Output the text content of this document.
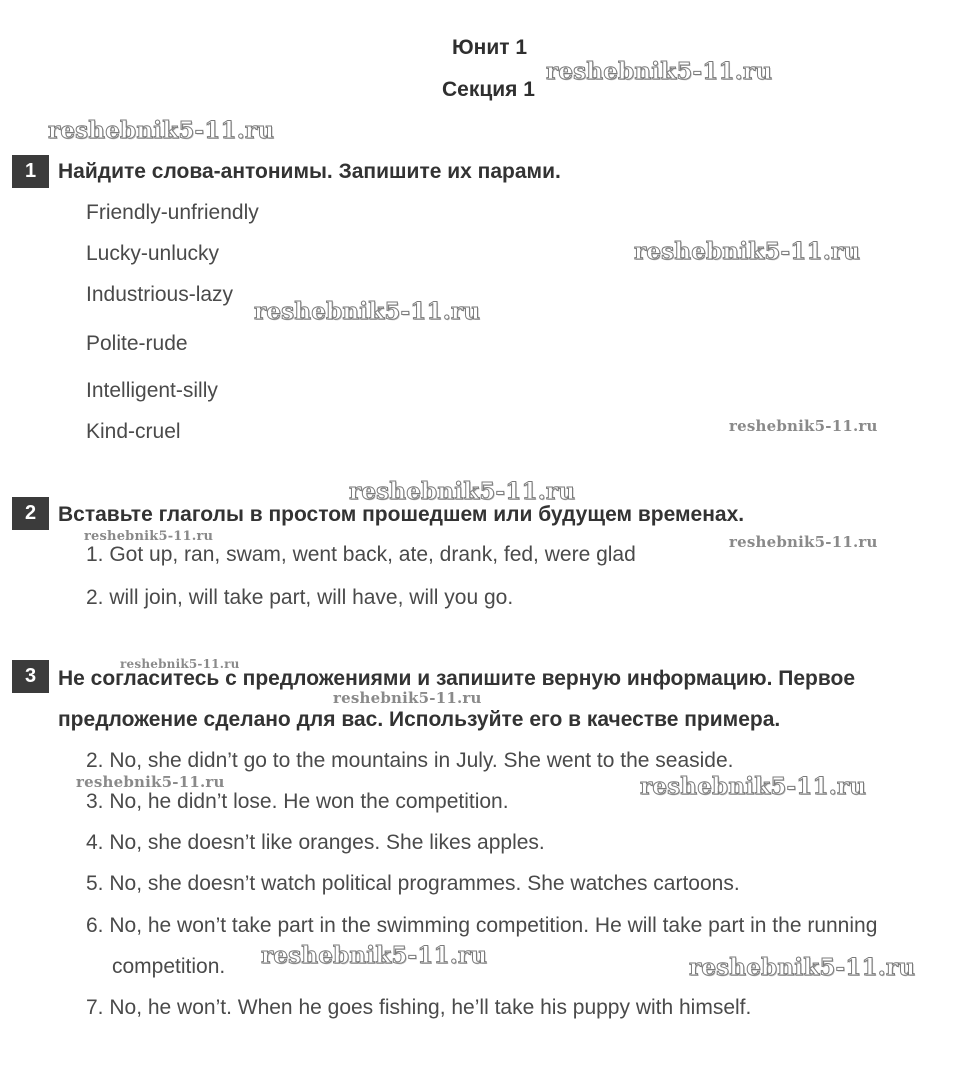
Юнит 1
Секция 1
1	Найдите слова-антонимы. Запишите их парами.
Friendly-unfriendly
Lucky-unlucky
Industrious-lazy
Polite-rude
Intelligent-silly
Kind-cruel
2	Вставьте глаголы в простом прошедшем или будущем временах.
1. Got up, ran, swam, went back, ate, drank, fed, were glad
2. will join, will take part, will have, will you go.
3	Не согласитесь с предложениями и запишите верную информацию. Первое
предложение сделано для вас. Используйте его в качестве примера.
2. No, she didn’t go to the mountains in July. She went to the seaside.
3. No, he didn’t lose. He won the competition.
4. No, she doesn’t like oranges. She likes apples.
5. No, she doesn’t watch political programmes. She watches cartoons.
6. No, he won’t take part in the swimming competition. He will take part in the running
competition.
7. No, he won’t. When he goes fishing, he’ll take his puppy with himself.
reshebnik5-11.ru
reshebnik5-11.ru
reshebnik5-11.ru
reshebnik5-11.ru
reshebnik5-11.ru
reshebnik5-11.ru
reshebnik5-11.ru	reshebnik5-11.ru
reshebnik5-11.ru
reshebnik5-11.ru
reshebnik5-11.ru	reshebnik5-11.ru
reshebnik5-11.ru	reshebnik5-11.ru
